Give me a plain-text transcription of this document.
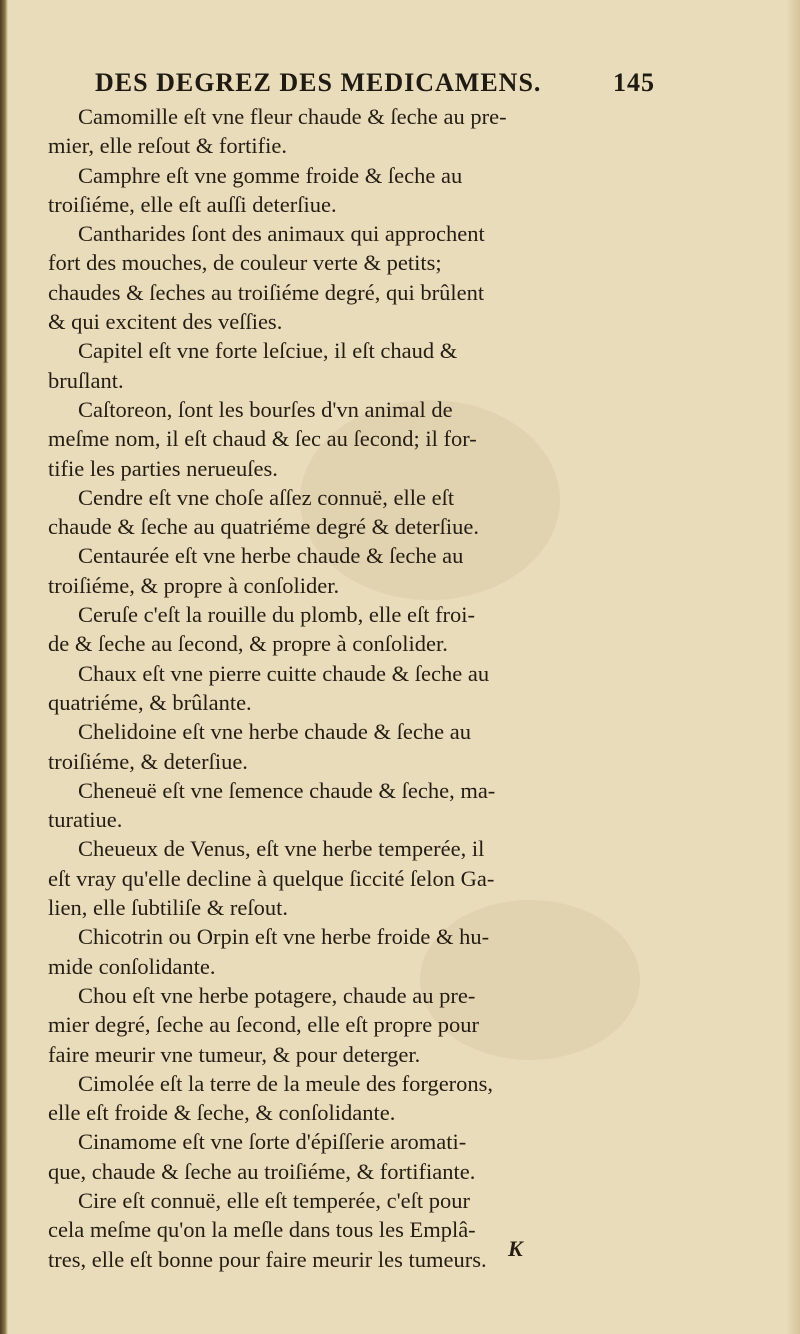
DES DEGREZ DES MEDICAMENS.	145

Camomille eſt vne fleur chaude & ſeche au pre-
mier, elle reſout & fortifie.

Camphre eſt vne gomme froide & ſeche au
troiſiéme, elle eſt auſſi deterſiue.

Cantharides ſont des animaux qui approchent
fort des mouches, de couleur verte & petits;
chaudes & ſeches au troiſiéme degré, qui brûlent
& qui excitent des veſſies.

Capitel eſt vne forte leſciue, il eſt chaud &
bruſlant.

Caſtoreon, ſont les bourſes d'vn animal de
meſme nom, il eſt chaud & ſec au ſecond; il for-
tifie les parties nerueuſes.

Cendre eſt vne choſe aſſez connuë, elle eſt
chaude & ſeche au quatriéme degré & deterſiue.

Centaurée eſt vne herbe chaude & ſeche au
troiſiéme, & propre à conſolider.

Ceruſe c'eſt la rouille du plomb, elle eſt froi-
de & ſeche au ſecond, & propre à conſolider.

Chaux eſt vne pierre cuitte chaude & ſeche au
quatriéme, & brûlante.

Chelidoine eſt vne herbe chaude & ſeche au
troiſiéme, & deterſiue.

Cheneuë eſt vne ſemence chaude & ſeche, ma-
turatiue.

Cheueux de Venus, eſt vne herbe temperée, il
eſt vray qu'elle decline à quelque ſiccité ſelon Ga-
lien, elle ſubtiliſe & reſout.

Chicotrin ou Orpin eſt vne herbe froide & hu-
mide conſolidante.

Chou eſt vne herbe potagere, chaude au pre-
mier degré, ſeche au ſecond, elle eſt propre pour
faire meurir vne tumeur, & pour deterger.

Cimolée eſt la terre de la meule des forgerons,
elle eſt froide & ſeche, & conſolidante.

Cinamome eſt vne ſorte d'épiſſerie aromati-
que, chaude & ſeche au troiſiéme, & fortifiante.

Cire eſt connuë, elle eſt temperée, c'eſt pour
cela meſme qu'on la meſle dans tous les Emplâ-
tres, elle eſt bonne pour faire meurir les tumeurs. K
